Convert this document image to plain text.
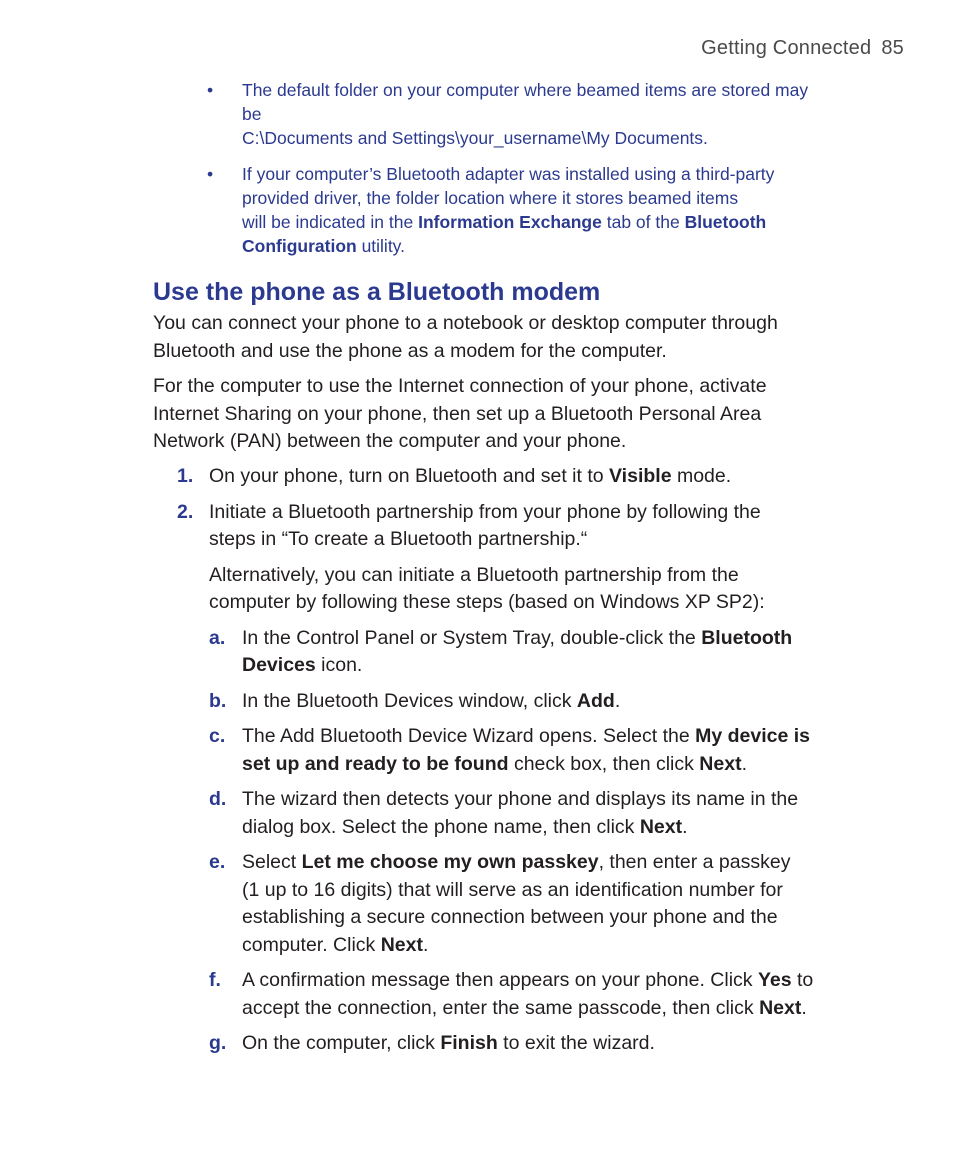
Getting Connected 85
• The default folder on your computer where beamed items are stored may
be
C:\Documents and Settings\your_username\My Documents.
• If your computer’s Bluetooth adapter was installed using a third-party
provided driver, the folder location where it stores beamed items
will be indicated in the Information Exchange tab of the Bluetooth
Configuration utility.
Use the phone as a Bluetooth modem

You can connect your phone to a notebook or desktop computer through
Bluetooth and use the phone as a modem for the computer.

For the computer to use the Internet connection of your phone, activate
Internet Sharing on your phone, then set up a Bluetooth Personal Area
Network (PAN) between the computer and your phone.

1. On your phone, turn on Bluetooth and set it to Visible mode.
2. Initiate a Bluetooth partnership from your phone by following the
steps in “To create a Bluetooth partnership.“
Alternatively, you can initiate a Bluetooth partnership from the
computer by following these steps (based on Windows XP SP2):
a. In the Control Panel or System Tray, double-click the Bluetooth
Devices icon.
b. In the Bluetooth Devices window, click Add.
c. The Add Bluetooth Device Wizard opens. Select the My device is
set up and ready to be found check box, then click Next.
d. The wizard then detects your phone and displays its name in the
dialog box. Select the phone name, then click Next.
e. Select Let me choose my own passkey, then enter a passkey
(1 up to 16 digits) that will serve as an identification number for
establishing a secure connection between your phone and the
computer. Click Next.
f. A confirmation message then appears on your phone. Click Yes to
accept the connection, enter the same passcode, then click Next.
g. On the computer, click Finish to exit the wizard.
